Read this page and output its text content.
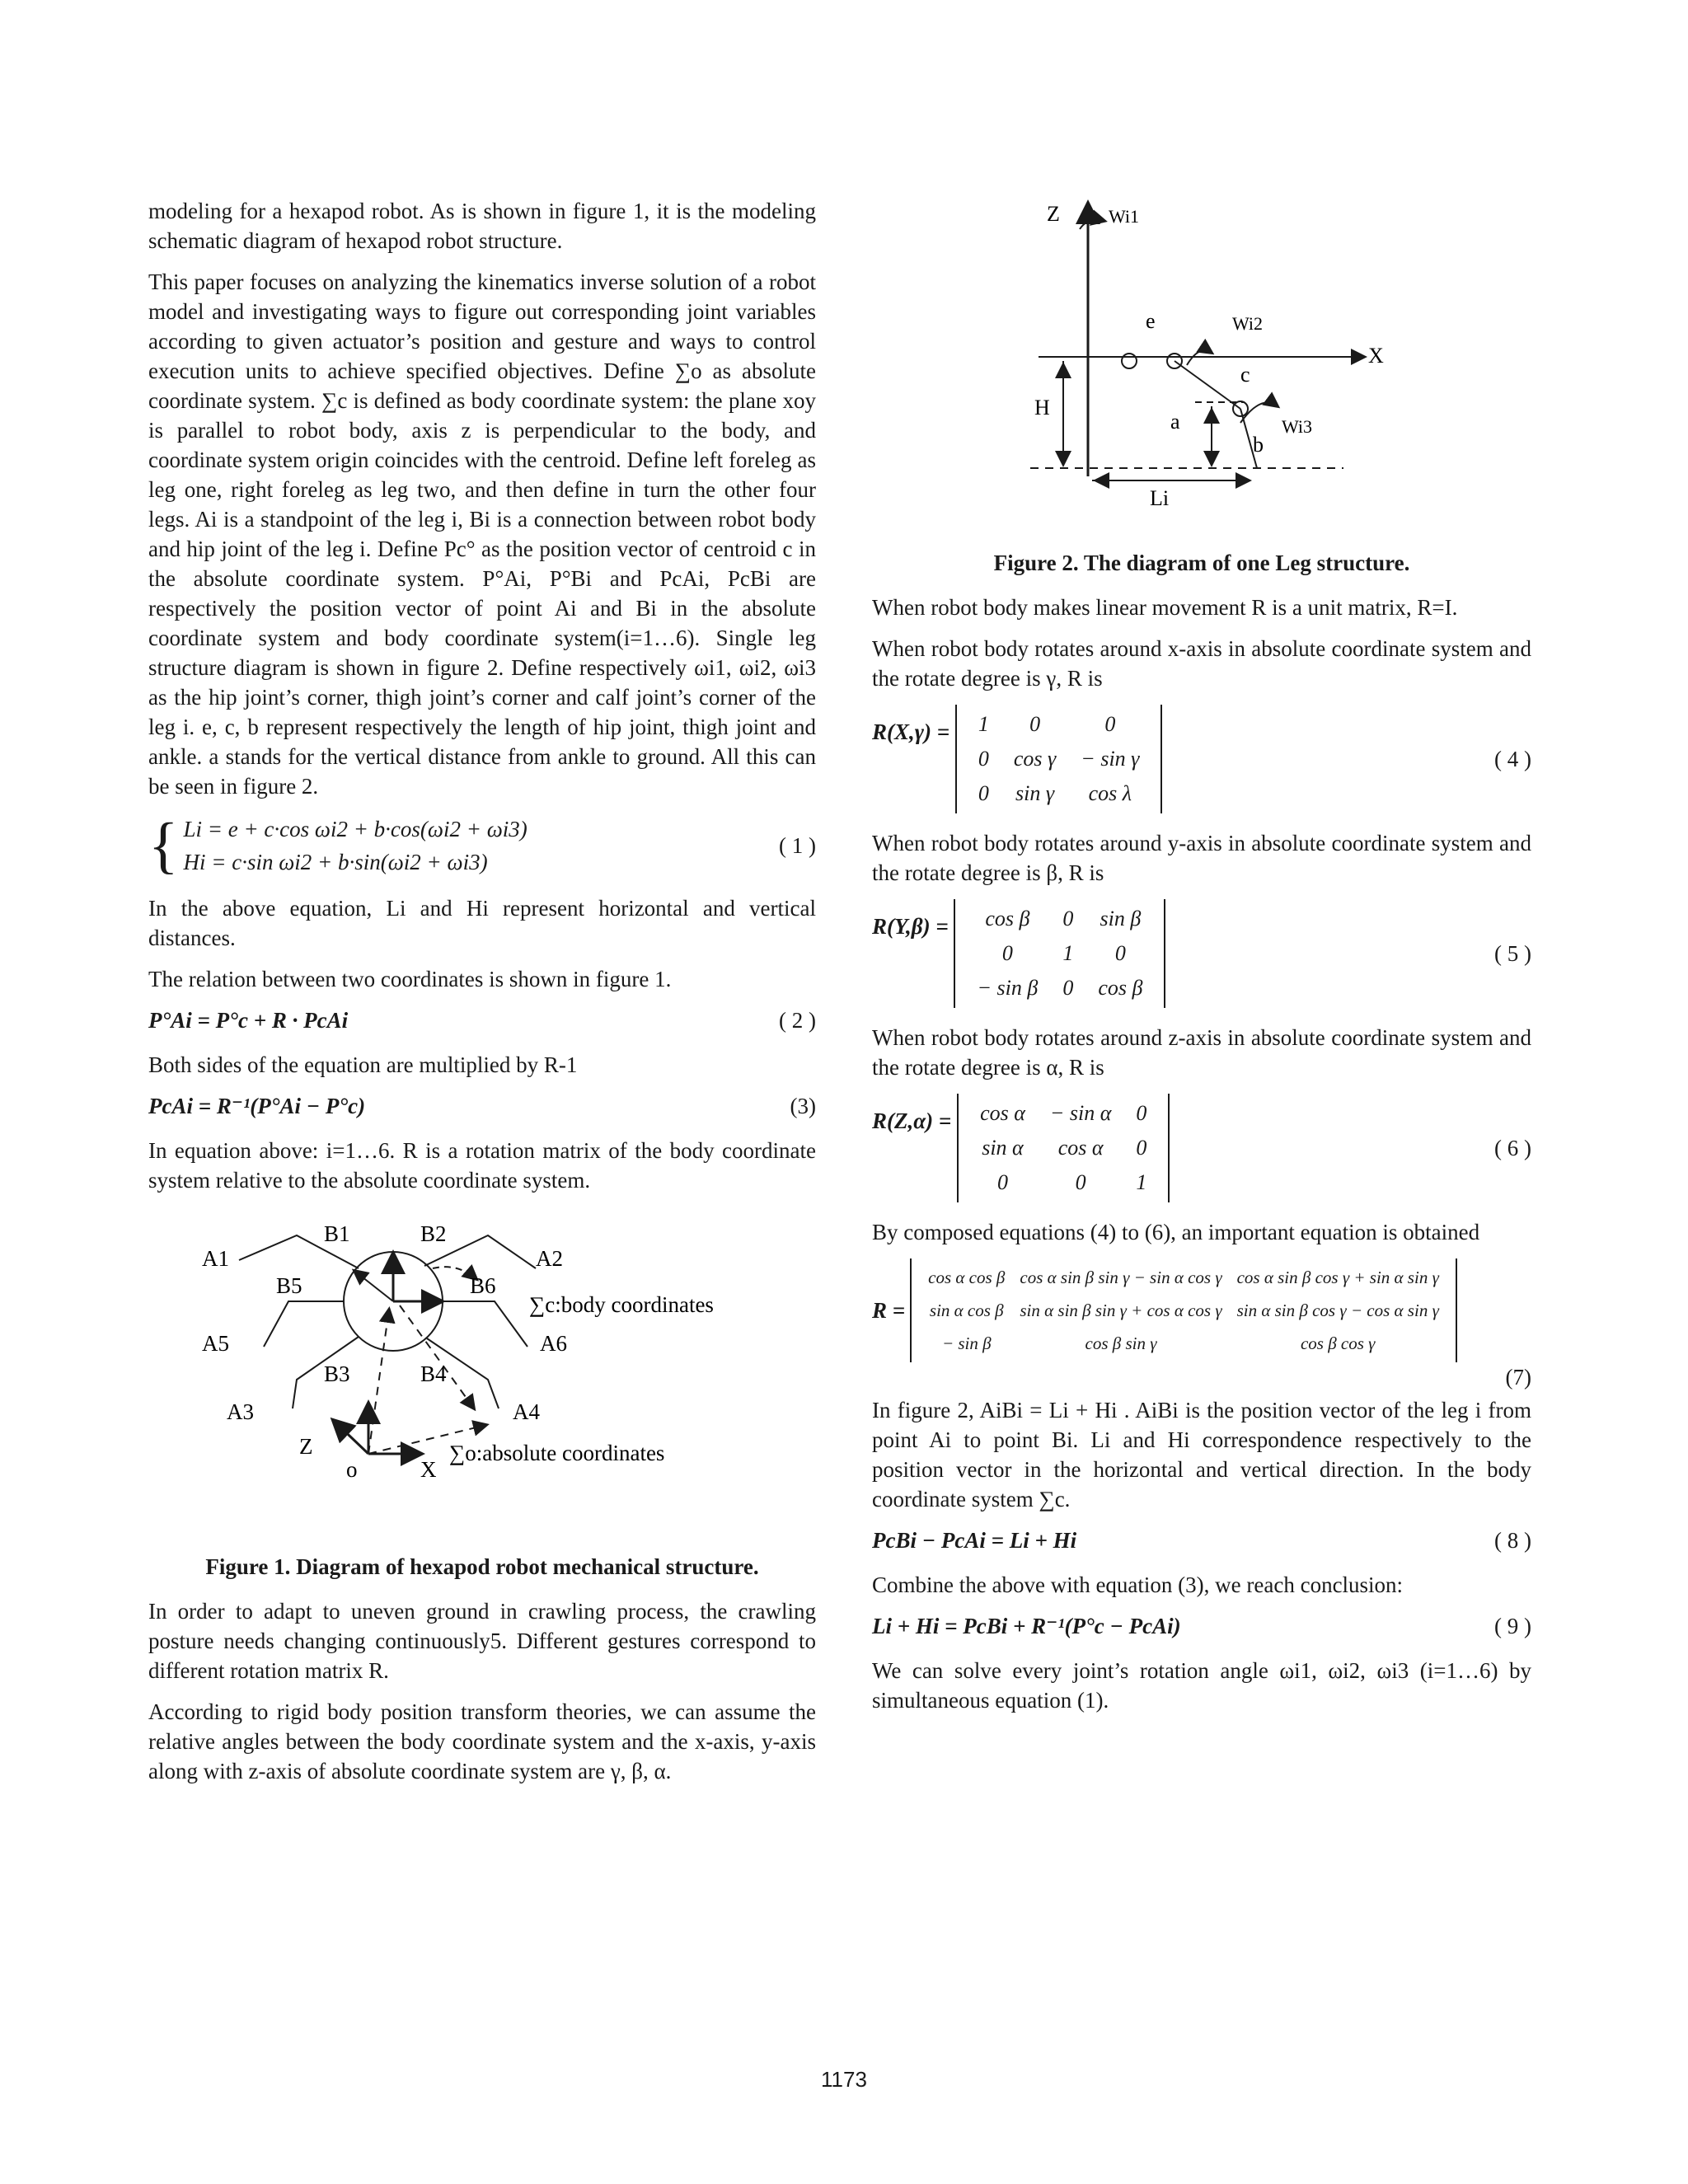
modeling for a hexapod robot. As is shown in figure 1, it is the modeling schematic diagram of hexapod robot structure.

This paper focuses on analyzing the kinematics inverse solution of a robot model and investigating ways to figure out corresponding joint variables according to given actuator’s position and gesture and ways to control execution units to achieve specified objectives. Define ∑o as absolute coordinate system. ∑c is defined as body coordinate system: the plane xoy is parallel to robot body, axis z is perpendicular to the body, and coordinate system origin coincides with the centroid. Define left foreleg as leg one, right foreleg as leg two, and then define in turn the other four legs. Ai is a standpoint of the leg i, Bi is a connection between robot body and hip joint of the leg i. Define Pc° as the position vector of centroid c in the absolute coordinate system. P°Ai, P°Bi and PcAi, PcBi are respectively the position vector of point Ai and Bi in the absolute coordinate system and body coordinate system(i=1…6). Single leg structure diagram is shown in figure 2. Define respectively ωi1, ωi2, ωi3 as the hip joint’s corner, thigh joint’s corner and calf joint’s corner of the leg i. e, c, b represent respectively the length of hip joint, thigh joint and ankle. a stands for the vertical distance from ankle to ground. All this can be seen in figure 2.

{ Li = e + c·cos ωi2 + b·cos(ωi2 + ωi3)
Hi = c·sin ωi2 + b·sin(ωi2 + ωi3)
( 1 )

In the above equation, Li and Hi represent horizontal and vertical distances.

The relation between two coordinates is shown in figure 1.

P°Ai = P°c + R · PcAi	( 2 )

Both sides of the equation are multiplied by R-1

PcAi = R⁻¹(P°Ai − P°c)	(3)

In equation above: i=1…6. R is a rotation matrix of the body coordinate system relative to the absolute coordinate system.

A1	A2
A5	A6
A3	A4
B1	B2
B5	B6
B3	B4
∑c:body coordinates
∑o:absolute coordinates
Z
X
o
Figure 1. Diagram of hexapod robot mechanical structure.

In order to adapt to uneven ground in crawling process, the crawling posture needs changing continuously5. Different gestures correspond to different rotation matrix R.

According to rigid body position transform theories, we can assume the relative angles between the body coordinate system and the x-axis, y-axis along with z-axis of absolute coordinate system are γ, β, α.

Z	Wi1
X
e	Wi2
c
a
b
Wi3
H
Li
Figure 2. The diagram of one Leg structure.

When robot body makes linear movement R is a unit matrix, R=I.

When robot body rotates around x-axis in absolute coordinate system and the rotate degree is γ, R is

R(X,γ) = 1	0	0
0	cos γ	− sin γ
0	sin γ	cos λ
( 4 )

When robot body rotates around y-axis in absolute coordinate system and the rotate degree is β, R is

R(Y,β) = cos β	0	sin β
0	1	0
− sin β	0	cos β
( 5 )

When robot body rotates around z-axis in absolute coordinate system and the rotate degree is α, R is

R(Z,α) = cos α	− sin α	0
sin α	cos α	0
0	0	1
( 6 )

By composed equations (4) to (6), an important equation is obtained

R =
cos α cos β	cos α sin β sin γ − sin α cos γ	cos α sin β cos γ + sin α sin γ
sin α cos β	sin α sin β sin γ + cos α cos γ	sin α sin β cos γ − cos α sin γ
− sin β	cos β sin γ	cos β cos γ
(7)

In figure 2, AiBi = Li + Hi . AiBi is the position vector of the leg i from point Ai to point Bi. Li and Hi correspondence respectively to the position vector in the horizontal and vertical direction. In the body coordinate system ∑c.

PcBi − PcAi = Li + Hi	( 8 )

Combine the above with equation (3), we reach conclusion:

Li + Hi = PcBi + R⁻¹(P°c − PcAi)	( 9 )

We can solve every joint’s rotation angle ωi1, ωi2, ωi3 (i=1…6) by simultaneous equation (1).

1173
